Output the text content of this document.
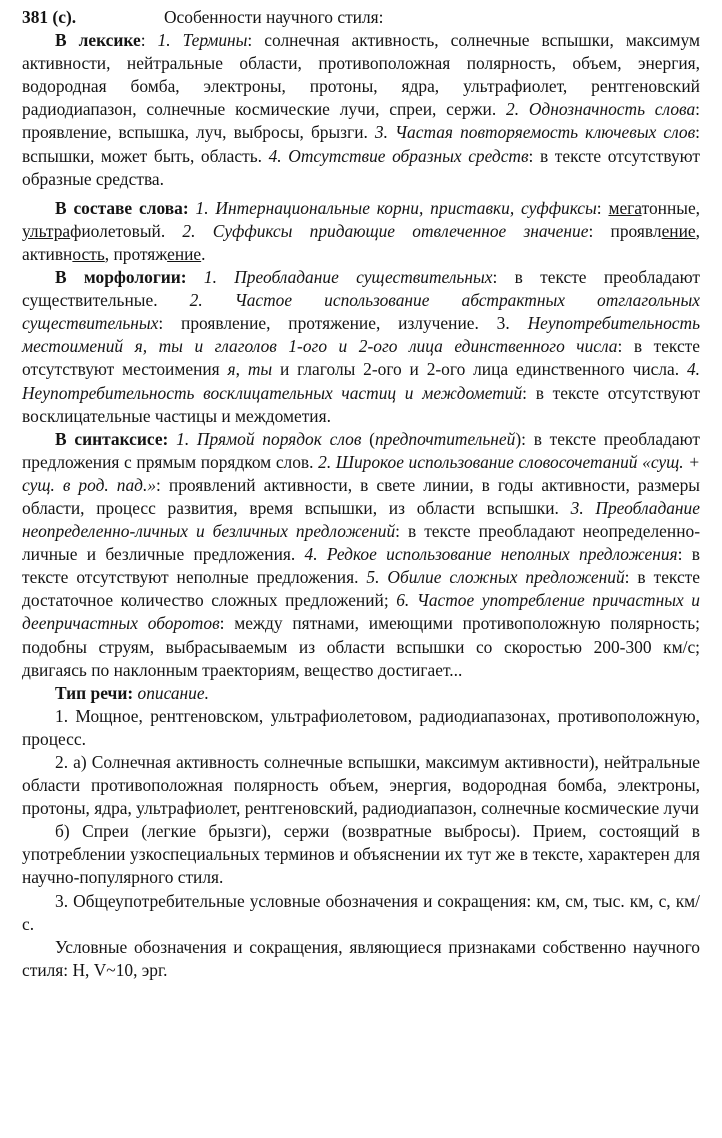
381 (с).	Особенности научного стиля:

В лексике: 1. Термины: солнечная активность, солнечные вспышки, максимум активности, нейтральные области, противоположная полярность, объем, энергия, водородная бомба, электроны, протоны, ядра, ультрафиолет, рентгеновский радиодиапазон, солнечные космические лучи, спреи, сержи. 2. Однозначность слова: проявление, вспышка, луч, выбросы, брызги. 3. Частая повторяемость ключевых слов: вспышки, может быть, область. 4. Отсутствие образных средств: в тексте отсутствуют образные средства.

В составе слова: 1. Интернациональные корни, приставки, суффиксы: мегатонные, ультрафиолетовый. 2. Суффиксы придающие отвлеченное значение: проявление, активность, протяжение.

В морфологии: 1. Преобладание существительных: в тексте преобладают существительные. 2. Частое использование абстрактных отглагольных существительных: проявление, протяжение, излучение. 3. Неупотребительность местоимений я, ты и глаголов 1-ого и 2-ого лица единственного числа: в тексте отсутствуют местоимения я, ты и глаголы 2-ого и 2-ого лица единственного числа. 4. Неупотребительность восклицательных частиц и междометий: в тексте отсутствуют восклицательные частицы и междометия.

В синтаксисе: 1. Прямой порядок слов (предпочтительней): в тексте преобладают предложения с прямым порядком слов. 2. Широкое использование словосочетаний «сущ. + сущ. в род. пад.»: проявлений активности, в свете линии, в годы активности, размеры области, процесс развития, время вспышки, из области вспышки. 3. Преобладание неопределенно-личных и безличных предложений: в тексте преобладают неопределенно-личные и безличные предложения. 4. Редкое использование неполных предложения: в тексте отсутствуют неполные предложения. 5. Обилие сложных предложений: в тексте достаточное количество сложных предложений; 6. Частое употребление причастных и деепричастных оборотов: между пятнами, имеющими противоположную полярность; подобны струям, выбрасываемым из области вспышки со скоростью 200-300 км/с; двигаясь по наклонным траекториям, вещество достигает...

Тип речи: описание.

1. Мощное, рентгеновском, ультрафиолетовом, радиодиапазонах, противоположную, процесс.

2. а) Солнечная активность солнечные вспышки, максимум активности), нейтральные области противоположная полярность объем, энергия, водородная бомба, электроны, протоны, ядра, ультрафиолет, рентгеновский, радиодиапазон, солнечные космические лучи

б) Спреи (легкие брызги), сержи (возвратные выбросы). Прием, состоящий в употреблении узкоспециальных терминов и объяснении их тут же в тексте, характерен для научно-популярного стиля.

3. Общеупотребительные условные обозначения и сокращения: км, см, тыс. км, с, км/с.

Условные обозначения и сокращения, являющиеся признаками собственно научного стиля: Н, V~10, эрг.
